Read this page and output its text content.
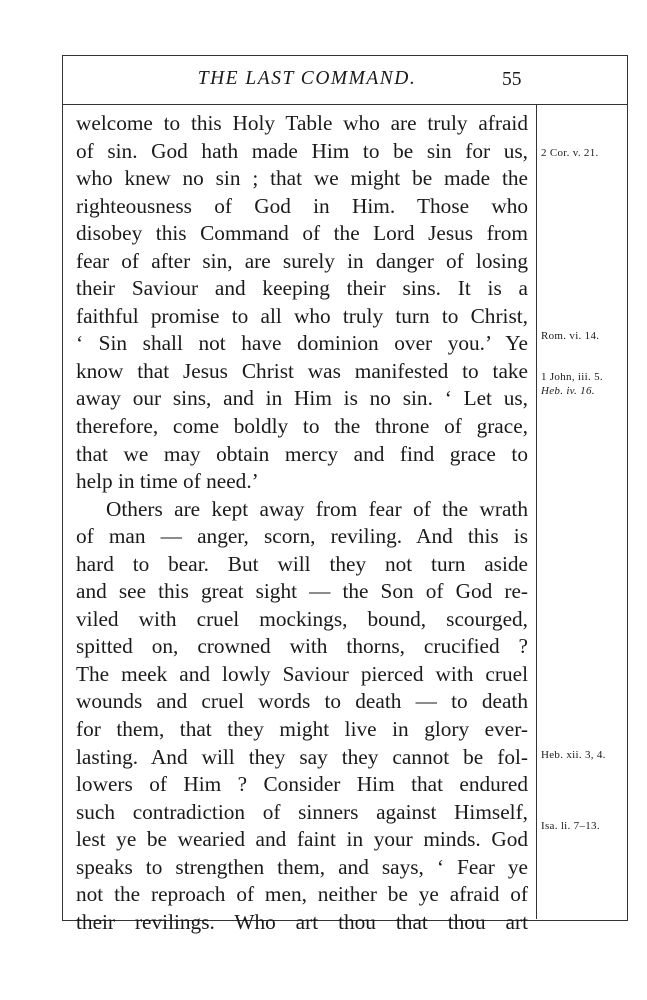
THE LAST COMMAND.	55
welcome to this Holy Table who are truly afraid
of sin. God hath made Him to be sin for us,
who knew no sin ; that we might be made the
righteousness of God in Him. Those who
disobey this Command of the Lord Jesus from
fear of after sin, are surely in danger of losing
their Saviour and keeping their sins. It is a
faithful promise to all who truly turn to Christ,
‘ Sin shall not have dominion over you.’ Ye
know that Jesus Christ was manifested to take
away our sins, and in Him is no sin. ‘ Let us,
therefore, come boldly to the throne of grace,
that we may obtain mercy and find grace to
help in time of need.’
Others are kept away from fear of the wrath
of man — anger, scorn, reviling. And this is
hard to bear. But will they not turn aside
and see this great sight — the Son of God re-
viled with cruel mockings, bound, scourged,
spitted on, crowned with thorns, crucified ?
The meek and lowly Saviour pierced with cruel
wounds and cruel words to death — to death
for them, that they might live in glory ever-
lasting. And will they say they cannot be fol-
lowers of Him ? Consider Him that endured
such contradiction of sinners against Himself,
lest ye be wearied and faint in your minds. God
speaks to strengthen them, and says, ‘ Fear ye
not the reproach of men, neither be ye afraid of
their revilings. Who art thou that thou art
2 Cor. v. 21.
Rom. vi. 14.
1 John, iii. 5.
Heb. iv. 16.
Heb. xii. 3, 4.
Isa. li. 7–13.
